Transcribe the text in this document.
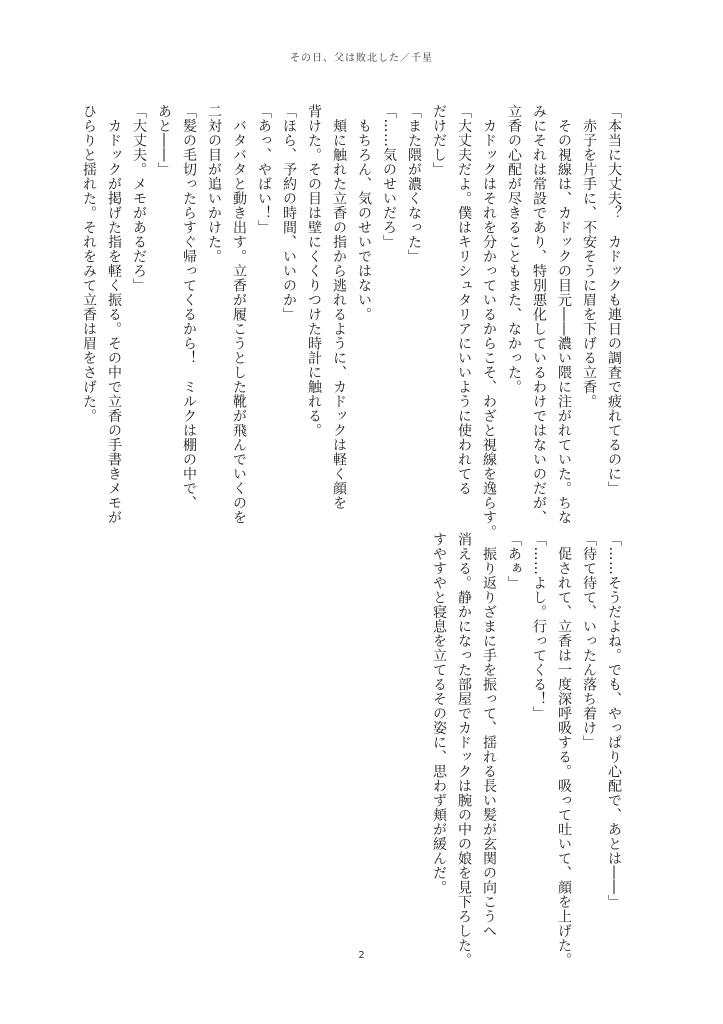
その日、父は敗北した／千星

「本当に大丈夫？　カドックも連日の調査で疲れてるのに」

　赤子を片手に、不安そうに眉を下げる立香。

　その視線は、カドックの目元――濃い隈に注がれていた。ちな

みにそれは常設であり、特別悪化しているわけではないのだが、

立香の心配が尽きることもまた、なかった。

　カドックはそれを分かっているからこそ、わざと視線を逸らす。

「大丈夫だよ。僕はキリシュタリアにいいように使われてる

だけだし」

「また隈が濃くなった」

「……気のせいだろ」

　もちろん、気のせいではない。

　頬に触れた立香の指から逃れるように、カドックは軽く顔を

背けた。その目は壁にくくりつけた時計に触れる。

「ほら、予約の時間、いいのか」

「あっ、やばい！」

　バタバタと動き出す。立香が履こうとした靴が飛んでいくのを

二対の目が追いかけた。

「髪の毛切ったらすぐ帰ってくるから！　ミルクは棚の中で、

あと――」

「大丈夫。メモがあるだろ」

　カドックが掲げた指を軽く振る。その中で立香の手書きメモが

ひらりと揺れた。それをみて立香は眉をさげた。

「……そうだよね。でも、やっぱり心配で、あとは――」

「待て待て、いったん落ち着け」

　促されて、立香は一度深呼吸する。吸って吐いて、顔を上げた。

「……よし。行ってくる！」

「あぁ」

　振り返りざまに手を振って、揺れる長い髪が玄関の向こうへ

消える。静かになった部屋でカドックは腕の中の娘を見下ろした。

すやすやと寝息を立てるその姿に、思わず頬が緩んだ。

2
